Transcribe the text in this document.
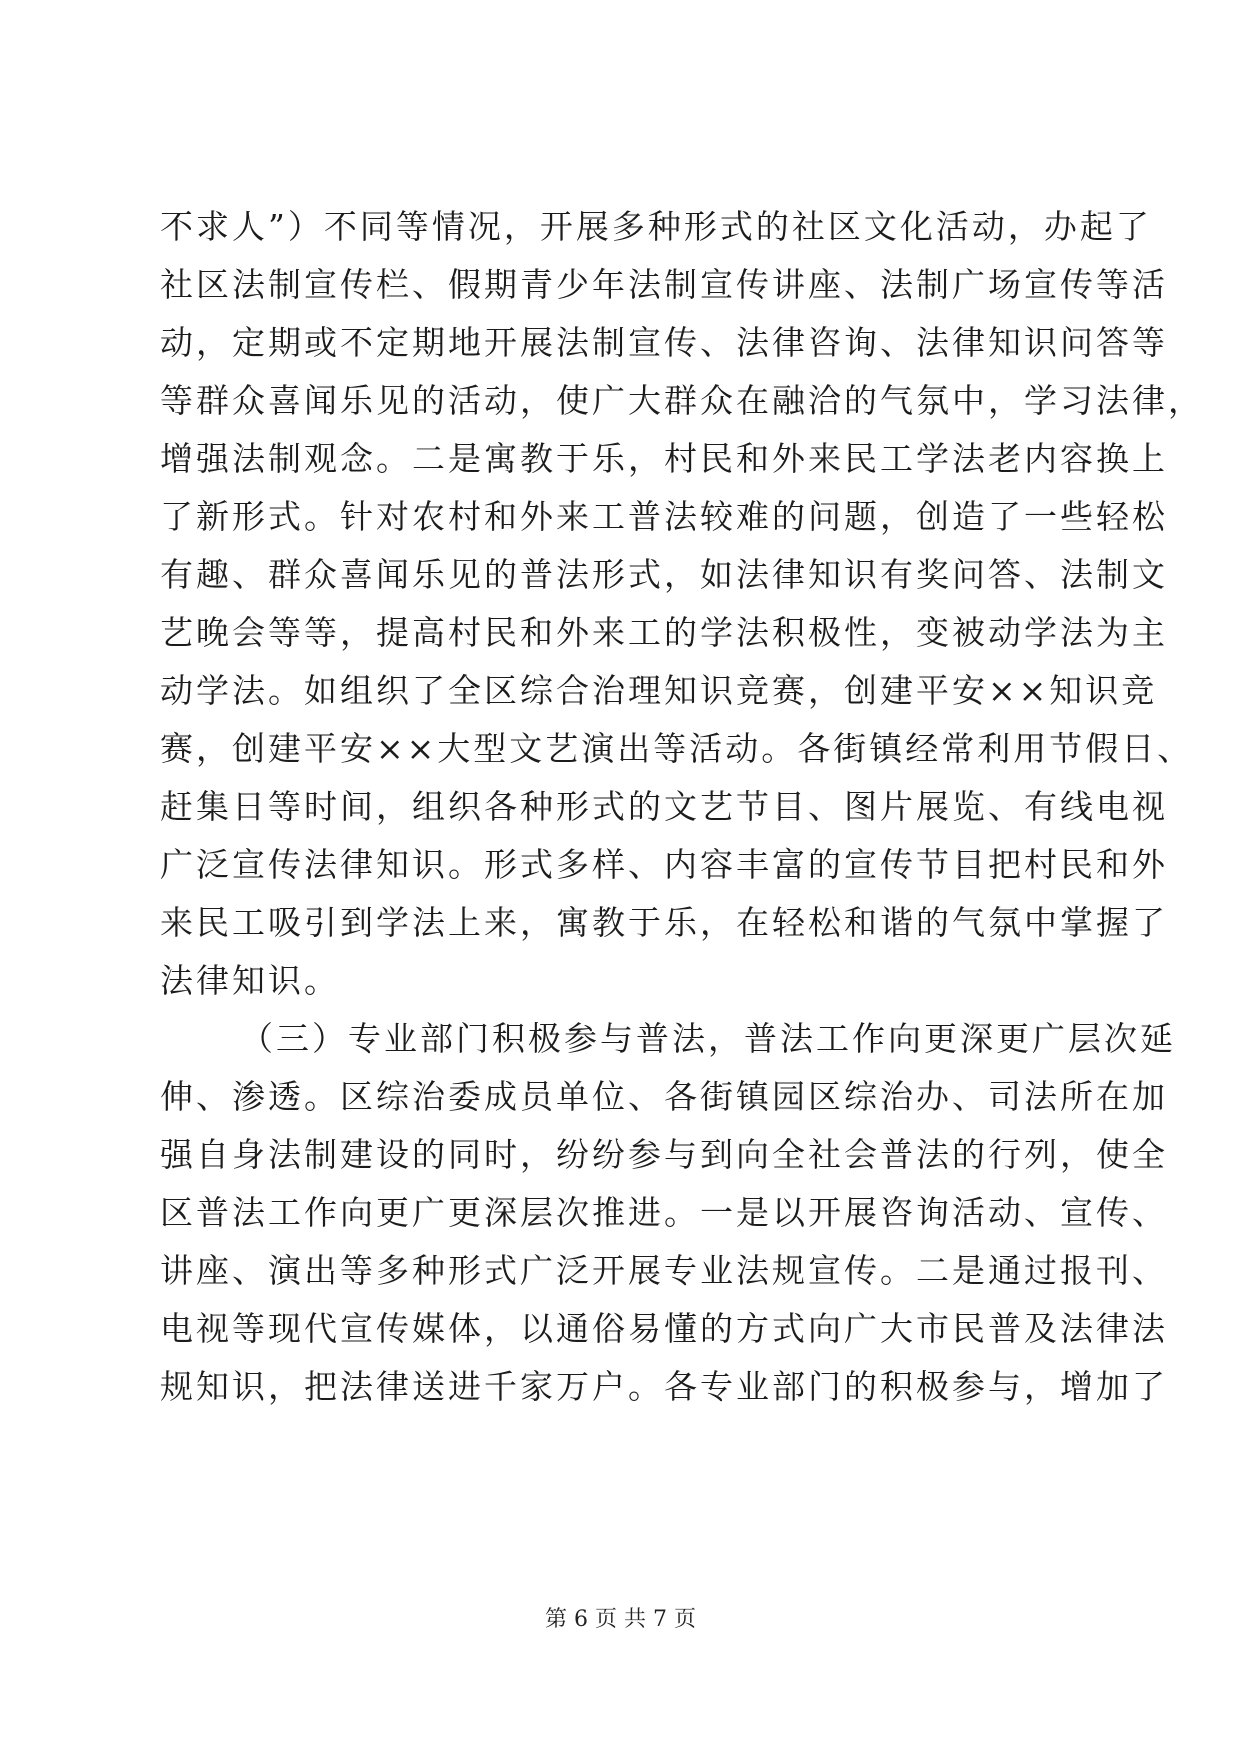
不求人”）不同等情况，开展多种形式的社区文化活动，办起了
社区法制宣传栏、假期青少年法制宣传讲座、法制广场宣传等活
动，定期或不定期地开展法制宣传、法律咨询、法律知识问答等
等群众喜闻乐见的活动，使广大群众在融洽的气氛中，学习法律，
增强法制观念。二是寓教于乐，村民和外来民工学法老内容换上
了新形式。针对农村和外来工普法较难的问题，创造了一些轻松
有趣、群众喜闻乐见的普法形式，如法律知识有奖问答、法制文
艺晚会等等，提高村民和外来工的学法积极性，变被动学法为主
动学法。如组织了全区综合治理知识竞赛，创建平安××知识竞
赛，创建平安××大型文艺演出等活动。各街镇经常利用节假日、
赶集日等时间，组织各种形式的文艺节目、图片展览、有线电视
广泛宣传法律知识。形式多样、内容丰富的宣传节目把村民和外
来民工吸引到学法上来，寓教于乐，在轻松和谐的气氛中掌握了
法律知识。
（三）专业部门积极参与普法，普法工作向更深更广层次延
伸、渗透。区综治委成员单位、各街镇园区综治办、司法所在加
强自身法制建设的同时，纷纷参与到向全社会普法的行列，使全
区普法工作向更广更深层次推进。一是以开展咨询活动、宣传、
讲座、演出等多种形式广泛开展专业法规宣传。二是通过报刊、
电视等现代宣传媒体，以通俗易懂的方式向广大市民普及法律法
规知识，把法律送进千家万户。各专业部门的积极参与，增加了
第 6 页 共 7 页
